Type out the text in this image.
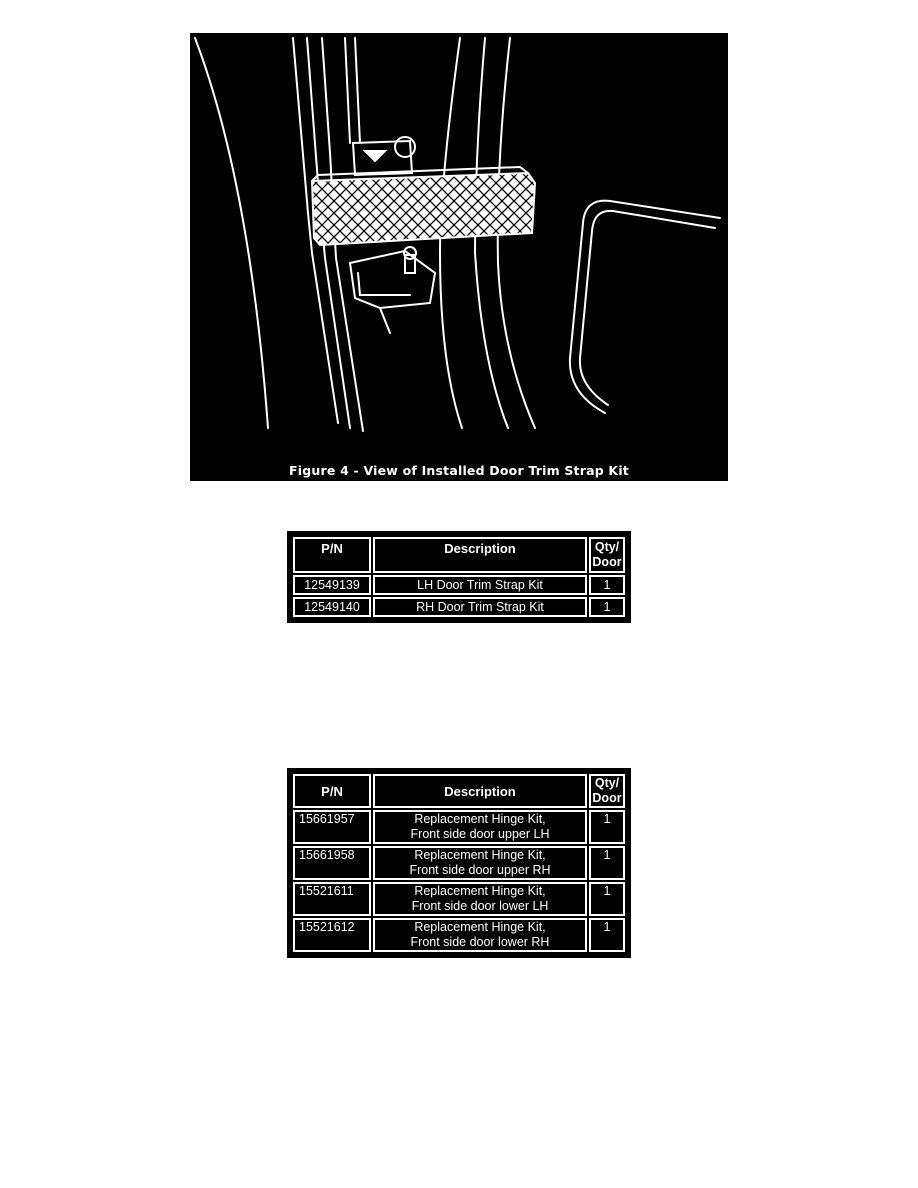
Figure 4 - View of Installed Door Trim Strap Kit
P/N	Description	Qty/ Door
12549139	LH Door Trim Strap Kit	1
12549140	RH Door Trim Strap Kit	1
P/N	Description	Qty/ Door
15661957	Replacement Hinge Kit,
Front side door upper LH	1
15661958	Replacement Hinge Kit,
Front side door upper RH	1
15521611	Replacement Hinge Kit,
Front side door lower LH	1
15521612	Replacement Hinge Kit,
Front side door lower RH	1
